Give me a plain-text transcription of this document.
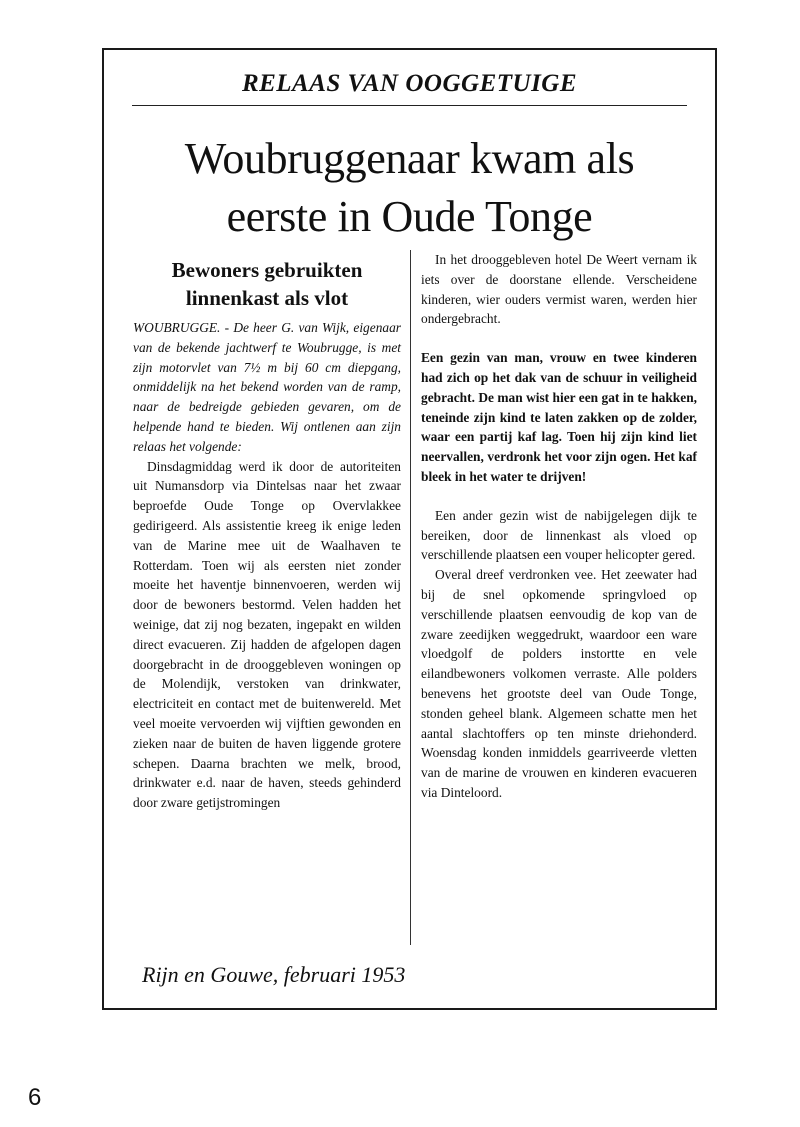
RELAAS VAN OOGGETUIGE
Woubruggenaar kwam als
eerste in Oude Tonge
Bewoners gebruikten
linnenkast als vlot

WOUBRUGGE. - De heer G. van Wijk, eigenaar van de bekende jachtwerf te Woubrugge, is met zijn motorvlet van 7½ m bij 60 cm diepgang, onmiddelijk na het bekend worden van de ramp, naar de bedreigde gebieden gevaren, om de helpende hand te bieden. Wij ontlenen aan zijn relaas het volgende:

Dinsdagmiddag werd ik door de autoriteiten uit Numansdorp via Dintelsas naar het zwaar beproefde Oude Tonge op Overvlakkee gedirigeerd. Als assistentie kreeg ik enige leden van de Marine mee uit de Waalhaven te Rotterdam. Toen wij als eersten niet zonder moeite het haventje binnenvoeren, werden wij door de bewoners bestormd. Velen hadden het weinige, dat zij nog bezaten, ingepakt en wilden direct evacueren. Zij hadden de afgelopen dagen doorgebracht in de drooggebleven woningen op de Molendijk, verstoken van drinkwater, electriciteit en contact met de buitenwereld. Met veel moeite vervoerden wij vijftien gewonden en zieken naar de buiten de haven liggende grotere schepen. Daarna brachten we melk, brood, drinkwater e.d. naar de haven, steeds gehinderd door zware getijstromingen

In het drooggebleven hotel De Weert vernam ik iets over de doorstane ellende. Verscheidene kinderen, wier ouders vermist waren, werden hier ondergebracht.

Een gezin van man, vrouw en twee kinderen had zich op het dak van de schuur in veiligheid gebracht. De man wist hier een gat in te hakken, teneinde zijn kind te laten zakken op de zolder, waar een partij kaf lag. Toen hij zijn kind liet neervallen, verdronk het voor zijn ogen. Het kaf bleek in het water te drijven!

Een ander gezin wist de nabijgelegen dijk te bereiken, door de linnenkast als vloed op verschillende plaatsen een vouper helicopter gered.

Overal dreef verdronken vee. Het zeewater had bij de snel opkomende springvloed op verschillende plaatsen eenvoudig de kop van de zware zeedijken weggedrukt, waardoor een ware vloedgolf de polders instortte en vele eilandbewoners volkomen verraste. Alle polders benevens het grootste deel van Oude Tonge, stonden geheel blank. Algemeen schatte men het aantal slachtoffers op ten minste driehonderd. Woensdag konden inmiddels gearriveerde vletten van de marine de vrouwen en kinderen evacueren via Dinteloord.

Rijn en Gouwe, februari 1953
6
